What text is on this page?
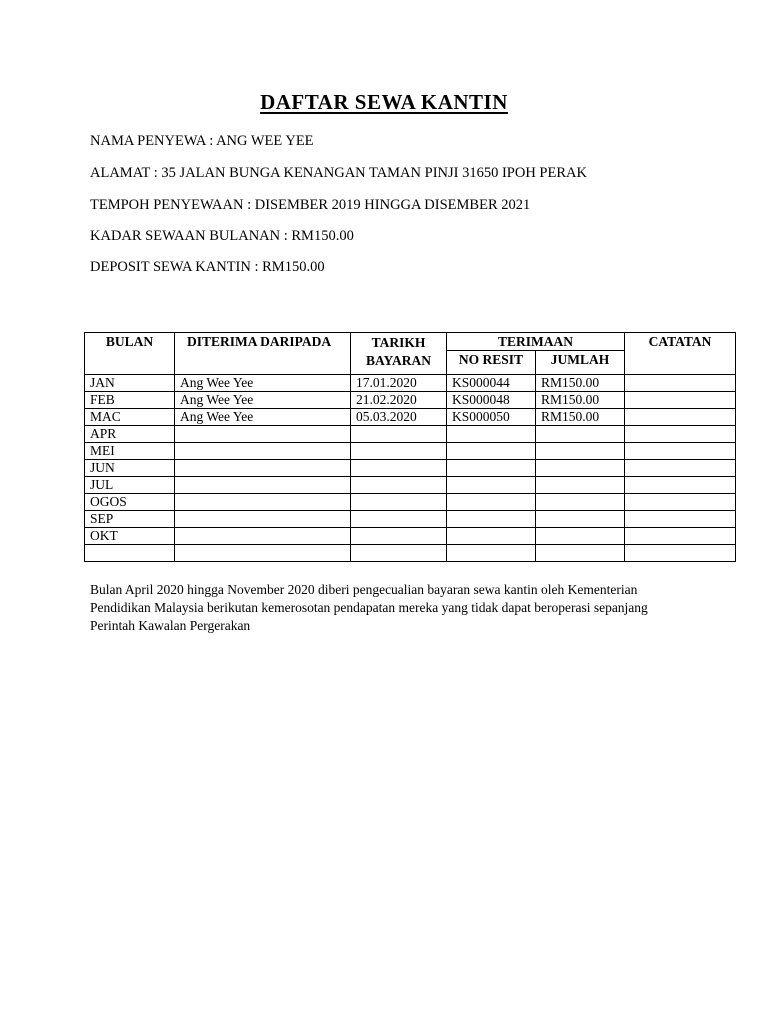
DAFTAR SEWA KANTIN
NAMA PENYEWA : ANG WEE YEE
ALAMAT : 35 JALAN BUNGA KENANGAN TAMAN PINJI 31650 IPOH PERAK
TEMPOH PENYEWAAN : DISEMBER 2019 HINGGA DISEMBER 2021
KADAR SEWAAN BULANAN : RM150.00
DEPOSIT SEWA KANTIN : RM150.00
BULAN	DITERIMA DARIPADA	TARIKH BAYARAN	TERIMAAN		CATATAN
			NO RESIT	JUMLAH	
JAN	Ang Wee Yee	17.01.2020	KS000044	RM150.00	
FEB	Ang Wee Yee	21.02.2020	KS000048	RM150.00	
MAC	Ang Wee Yee	05.03.2020	KS000050	RM150.00	
APR					
MEI					
JUN					
JUL					
OGOS					
SEP					
OKT					

Bulan April 2020 hingga November 2020 diberi pengecualian bayaran sewa kantin oleh Kementerian Pendidikan Malaysia berikutan kemerosotan pendapatan mereka yang tidak dapat beroperasi sepanjang Perintah Kawalan Pergerakan
